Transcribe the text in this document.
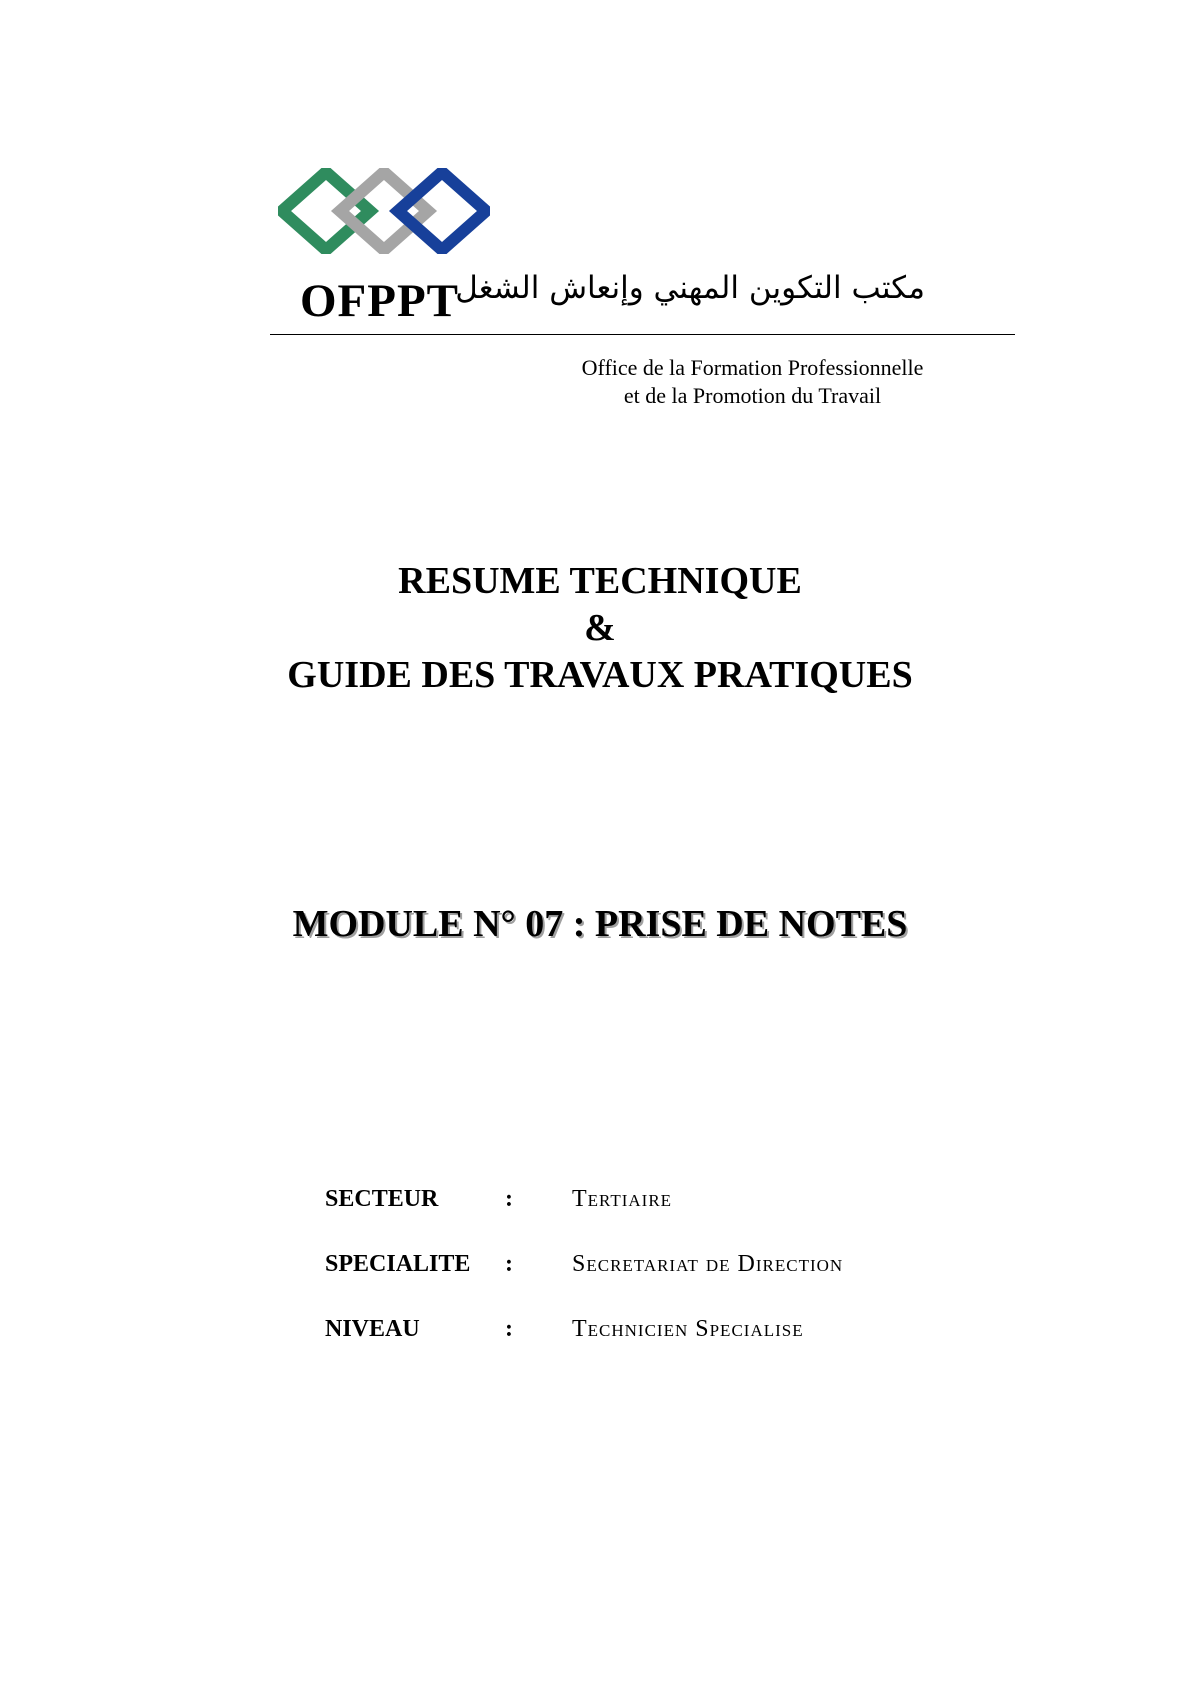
OFPPT
مكتب التكوين المهني وإنعاش الشغل
Office de la Formation Professionnelle
et de la Promotion du Travail
RESUME TECHNIQUE
&
GUIDE DES TRAVAUX PRATIQUES
MODULE N° 07 : PRISE DE NOTES
SECTEUR	: Tertiaire
SPECIALITE : Secretariat de Direction
NIVEAU	: Technicien Specialise
